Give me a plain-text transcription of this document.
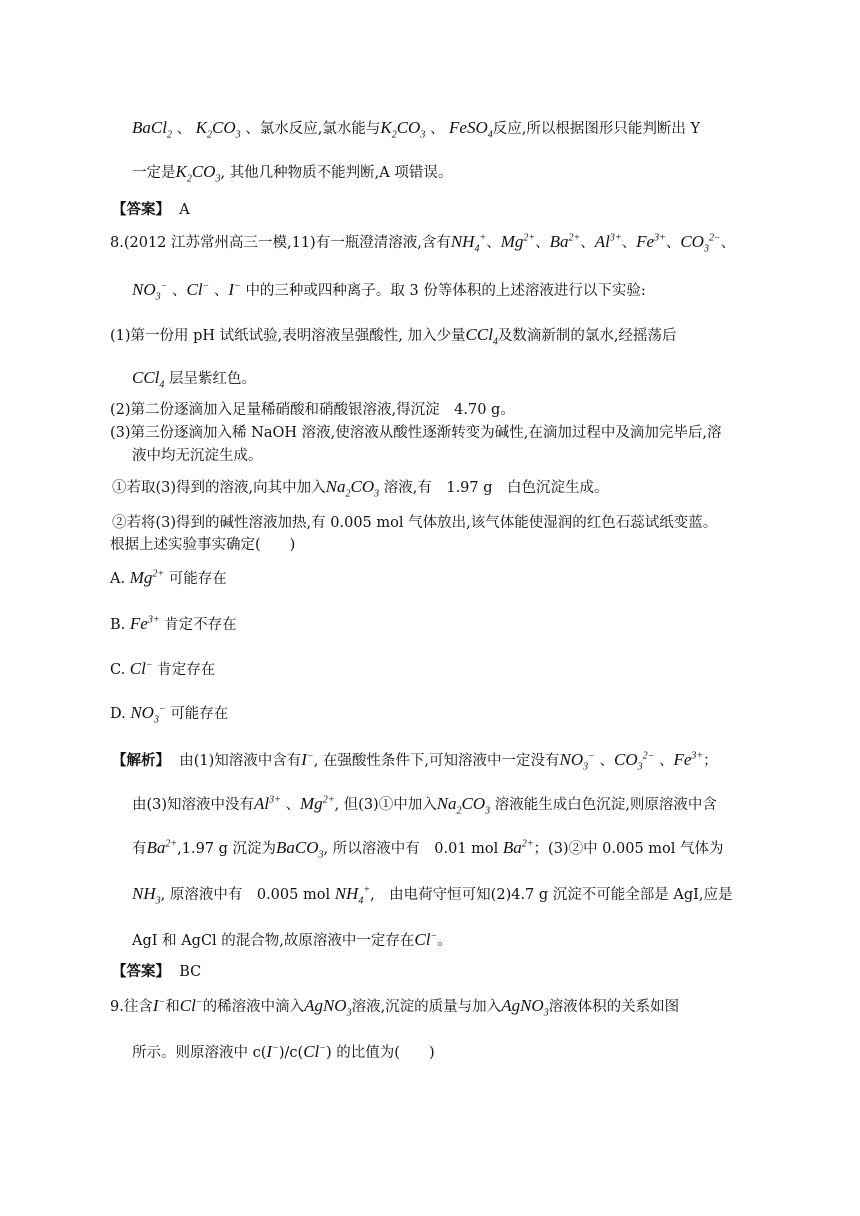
BaCl$_2$ 、 $K_2CO_3$ 、氯水反应,氯水能与$K_2CO_3$ 、 FeSO$_4$反应,所以根据图形只能判断出 Y
一定是$K_2CO_3$, 其他几种物质不能判断,A 项错误。
【答案】 A
8.(2012 江苏常州高三一模,11)有一瓶澄清溶液,含有$NH_4^+$、$Mg^{2+}$、$Ba^{2+}$、$Al^{3+}$、$Fe^{3+}$、$CO_3^{2-}$、
$NO_3^-$ 、Cl− 、I− 中的三种或四种离子。取 3 份等体积的上述溶液进行以下实验:
(1)第一份用 pH 试纸试验,表明溶液呈强酸性, 加入少量CCl$_4$及数滴新制的氯水,经摇荡后
CCl$_4$ 层呈紫红色。
(2)第二份逐滴加入足量稀硝酸和硝酸银溶液,得沉淀　4.70 g。
(3)第三份逐滴加入稀 NaOH 溶液,使溶液从酸性逐渐转变为碱性,在滴加过程中及滴加完毕后,溶
液中均无沉淀生成。
①若取(3)得到的溶液,向其中加入$Na_2CO_3$ 溶液,有　1.97 g　白色沉淀生成。
②若将(3)得到的碱性溶液加热,有 0.005 mol 气体放出,该气体能使湿润的红色石蕊试纸变蓝。
根据上述实验事实确定(　　)
A. $Mg^{2+}$ 可能存在
B. $Fe^{3+}$ 肯定不存在
C. Cl− 肯定存在
D. $NO_3^-$ 可能存在
【解析】 由(1)知溶液中含有I−, 在强酸性条件下,可知溶液中一定没有$NO_3^-$ 、$CO_3^{2-}$ 、$Fe^{3+}$；
由(3)知溶液中没有$Al^{3+}$ 、$Mg^{2+}$, 但(3)①中加入$Na_2CO_3$ 溶液能生成白色沉淀,则原溶液中含
有$Ba^{2+},1.97$ g 沉淀为BaCO$_3$, 所以溶液中有　0.01 mol $Ba^{2+}$；(3)②中 0.005 mol 气体为
$NH_3$, 原溶液中有　0.005 mol $NH_4^+$,　由电荷守恒可知(2)4.7 g 沉淀不可能全部是 AgI,应是
AgI 和 AgCl 的混合物,故原溶液中一定存在Cl−。
【答案】 BC
9.往含I−和Cl−的稀溶液中滴入AgNO$_3$溶液,沉淀的质量与加入AgNO$_3$溶液体积的关系如图
所示。则原溶液中 c(I−)/c(Cl−) 的比值为(　　)
